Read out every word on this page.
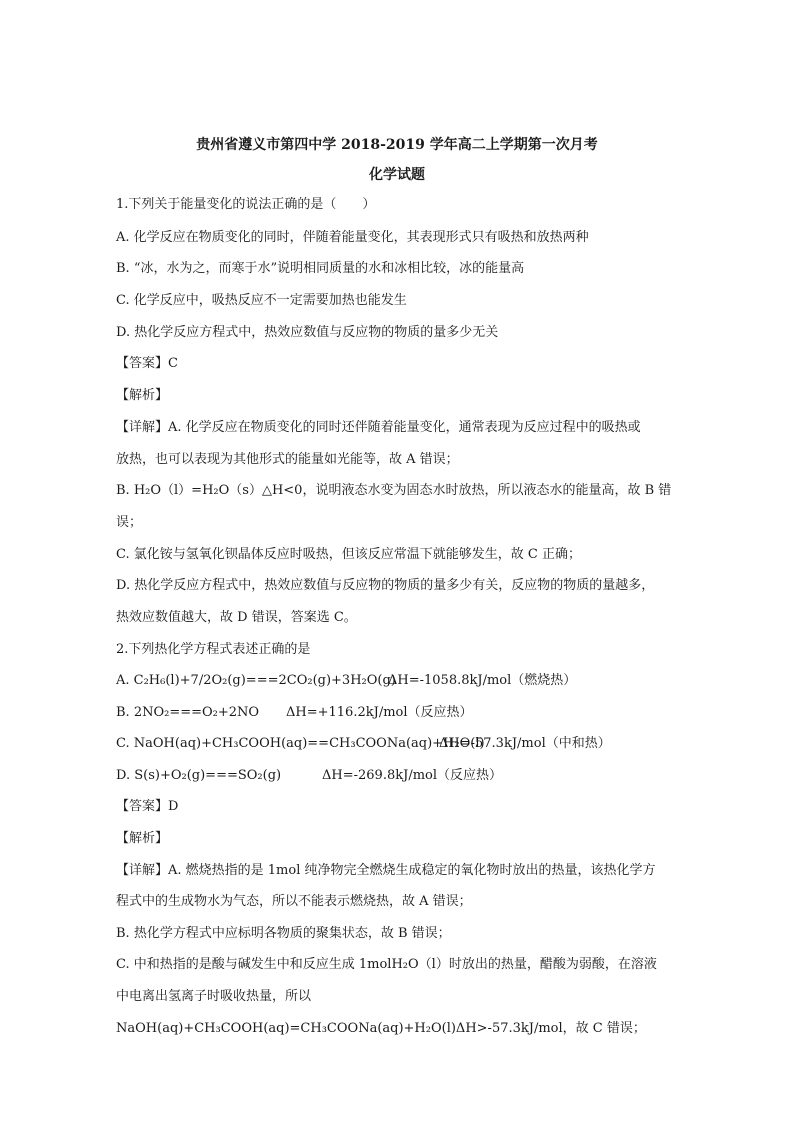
贵州省遵义市第四中学 2018-2019 学年高二上学期第一次月考
化学试题
1.下列关于能量变化的说法正确的是（　　）
A. 化学反应在物质变化的同时，伴随着能量变化，其表现形式只有吸热和放热两种
B. “冰，水为之，而寒于水”说明相同质量的水和冰相比较，冰的能量高
C. 化学反应中，吸热反应不一定需要加热也能发生
D. 热化学反应方程式中，热效应数值与反应物的物质的量多少无关
【答案】C
【解析】
【详解】A. 化学反应在物质变化的同时还伴随着能量变化，通常表现为反应过程中的吸热或
放热，也可以表现为其他形式的能量如光能等，故 A 错误；
B. H₂O（l）=H₂O（s）△H<0，说明液态水变为固态水时放热，所以液态水的能量高，故 B 错
误；
C. 氯化铵与氢氧化钡晶体反应时吸热，但该反应常温下就能够发生，故 C 正确；
D. 热化学反应方程式中，热效应数值与反应物的物质的量多少有关，反应物的物质的量越多，
热效应数值越大，故 D 错误，答案选 C。
2.下列热化学方程式表述正确的是
A. C₂H₆(l)+7/2O₂(g)===2CO₂(g)+3H₂O(g)
ΔH=-1058.8kJ/mol（燃烧热）
B. 2NO₂===O₂+2NO ΔH=+116.2kJ/mol（反应热）
C. NaOH(aq)+CH₃COOH(aq)==CH₃COONa(aq)+H₂O(l)
ΔH=-57.3kJ/mol（中和热）
D. S(s)+O₂(g)===SO₂(g)	ΔH=-269.8kJ/mol（反应热）
【答案】D
【解析】
【详解】A. 燃烧热指的是 1mol 纯净物完全燃烧生成稳定的氧化物时放出的热量，该热化学方
程式中的生成物水为气态，所以不能表示燃烧热，故 A 错误；
B. 热化学方程式中应标明各物质的聚集状态，故 B 错误；
C. 中和热指的是酸与碱发生中和反应生成 1molH₂O（l）时放出的热量，醋酸为弱酸，在溶液
中电离出氢离子时吸收热量，所以
NaOH(aq)+CH₃COOH(aq)=CH₃COONa(aq)+H₂O(l)ΔH>-57.3kJ/mol，故 C 错误；
